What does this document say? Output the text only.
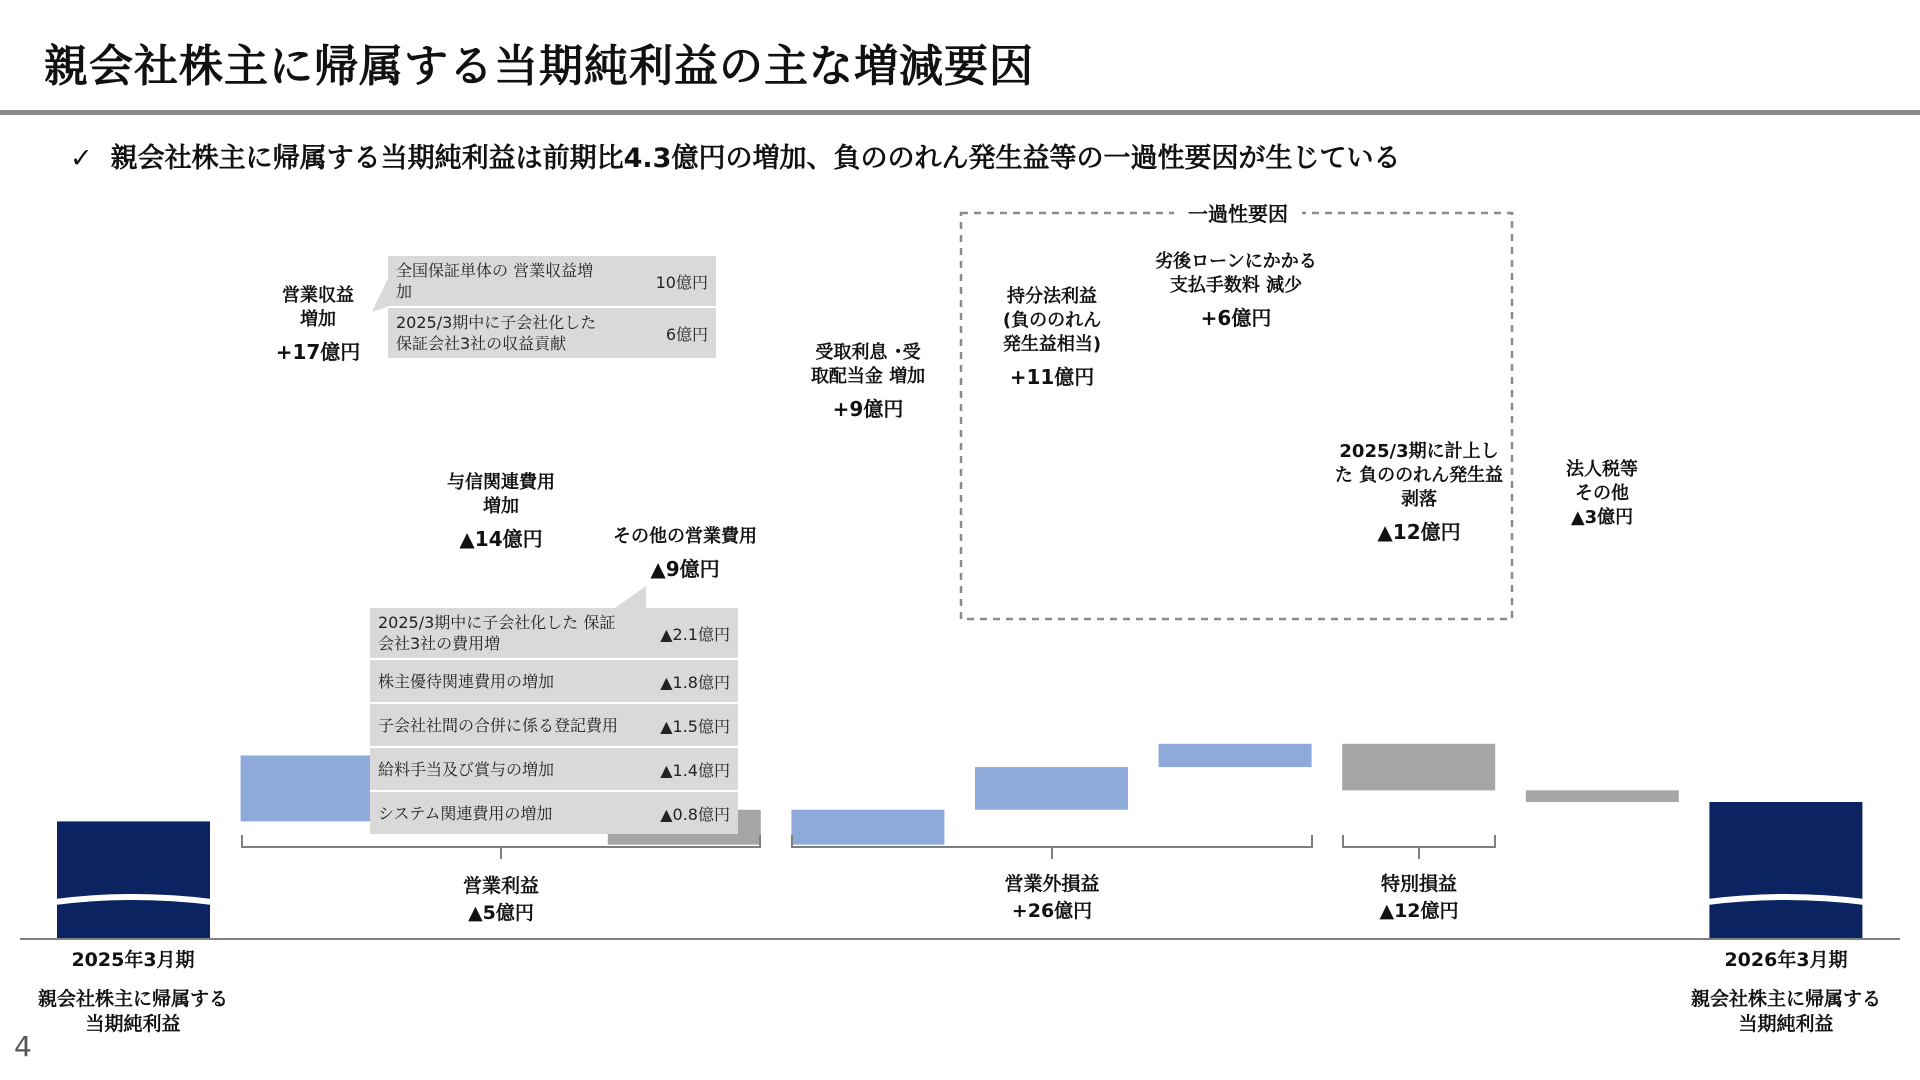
親会社株主に帰属する当期純利益の主な増減要因
✓ 親会社株主に帰属する当期純利益は前期比4.3億円の増加、負ののれん発生益等の一過性要因が生じている
一過性要因
320億円
325億円
営業収益 増加
+17億円
与信関連費用 増加
▲14億円	その他の営業費用
▲9億円
受取利息 ･受取配当金 増加
+9億円
持分法利益 (負ののれん 発生益相当)
+11億円
劣後ローンにかかる 支払手数料 減少
+6億円
2025/3期に計上した 負ののれん発生益 剥落
▲12億円
法人税等 その他
▲3億円
全国保証単体の 営業収益増加	10億円
2025/3期中に子会社化した 保証会社3社の収益貢献	6億円
2025/3期中に子会社化した 保証会社3社の費用増	▲2.1億円
株主優待関連費用の増加	▲1.8億円
子会社社間の合併に係る登記費用	▲1.5億円
給料手当及び賞与の増加	▲1.4億円
システム関連費用の増加	▲0.8億円
営業利益
▲5億円
営業外損益
+26億円
特別損益
▲12億円
2025年3月期
親会社株主に帰属する 当期純利益
2026年3月期
親会社株主に帰属する 当期純利益
4
